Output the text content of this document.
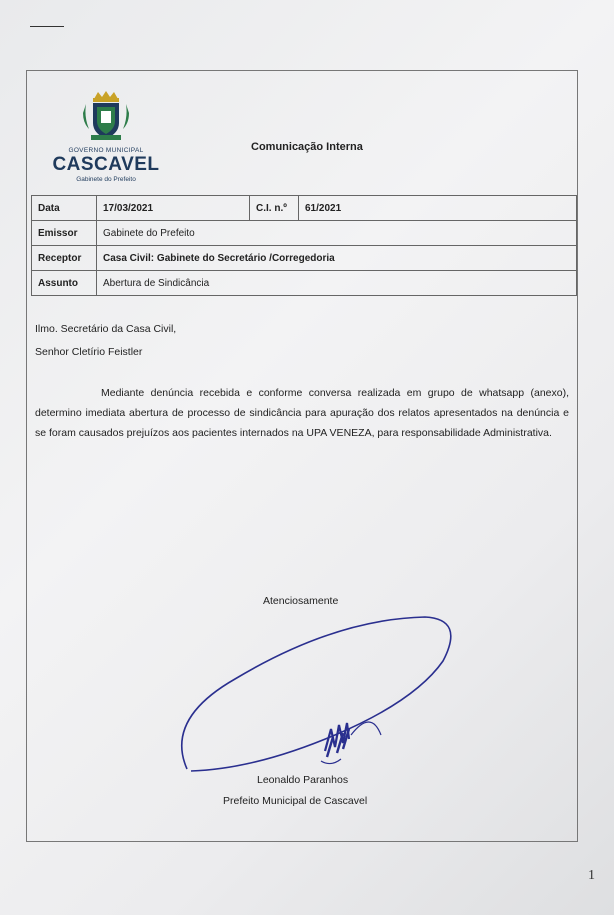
GOVERNO MUNICIPAL
CASCAVEL
Gabinete do Prefeito
Comunicação Interna
Data	17/03/2021	C.I. n.º	61/2021
Emissor	Gabinete do Prefeito		
Receptor	Casa Civil: Gabinete do Secretário /Corregedoria		
Assunto	Abertura de Sindicância		

Ilmo. Secretário da Casa Civil,

Senhor Cletírio Feistler

Mediante denúncia recebida e conforme conversa realizada em grupo de whatsapp (anexo), determino imediata abertura de processo de sindicância para apuração dos relatos apresentados na denúncia e se foram causados prejuízos aos pacientes internados na UPA VENEZA, para responsabilidade Administrativa.

Atenciosamente
Leonaldo Paranhos
Prefeito Municipal de Cascavel
1
